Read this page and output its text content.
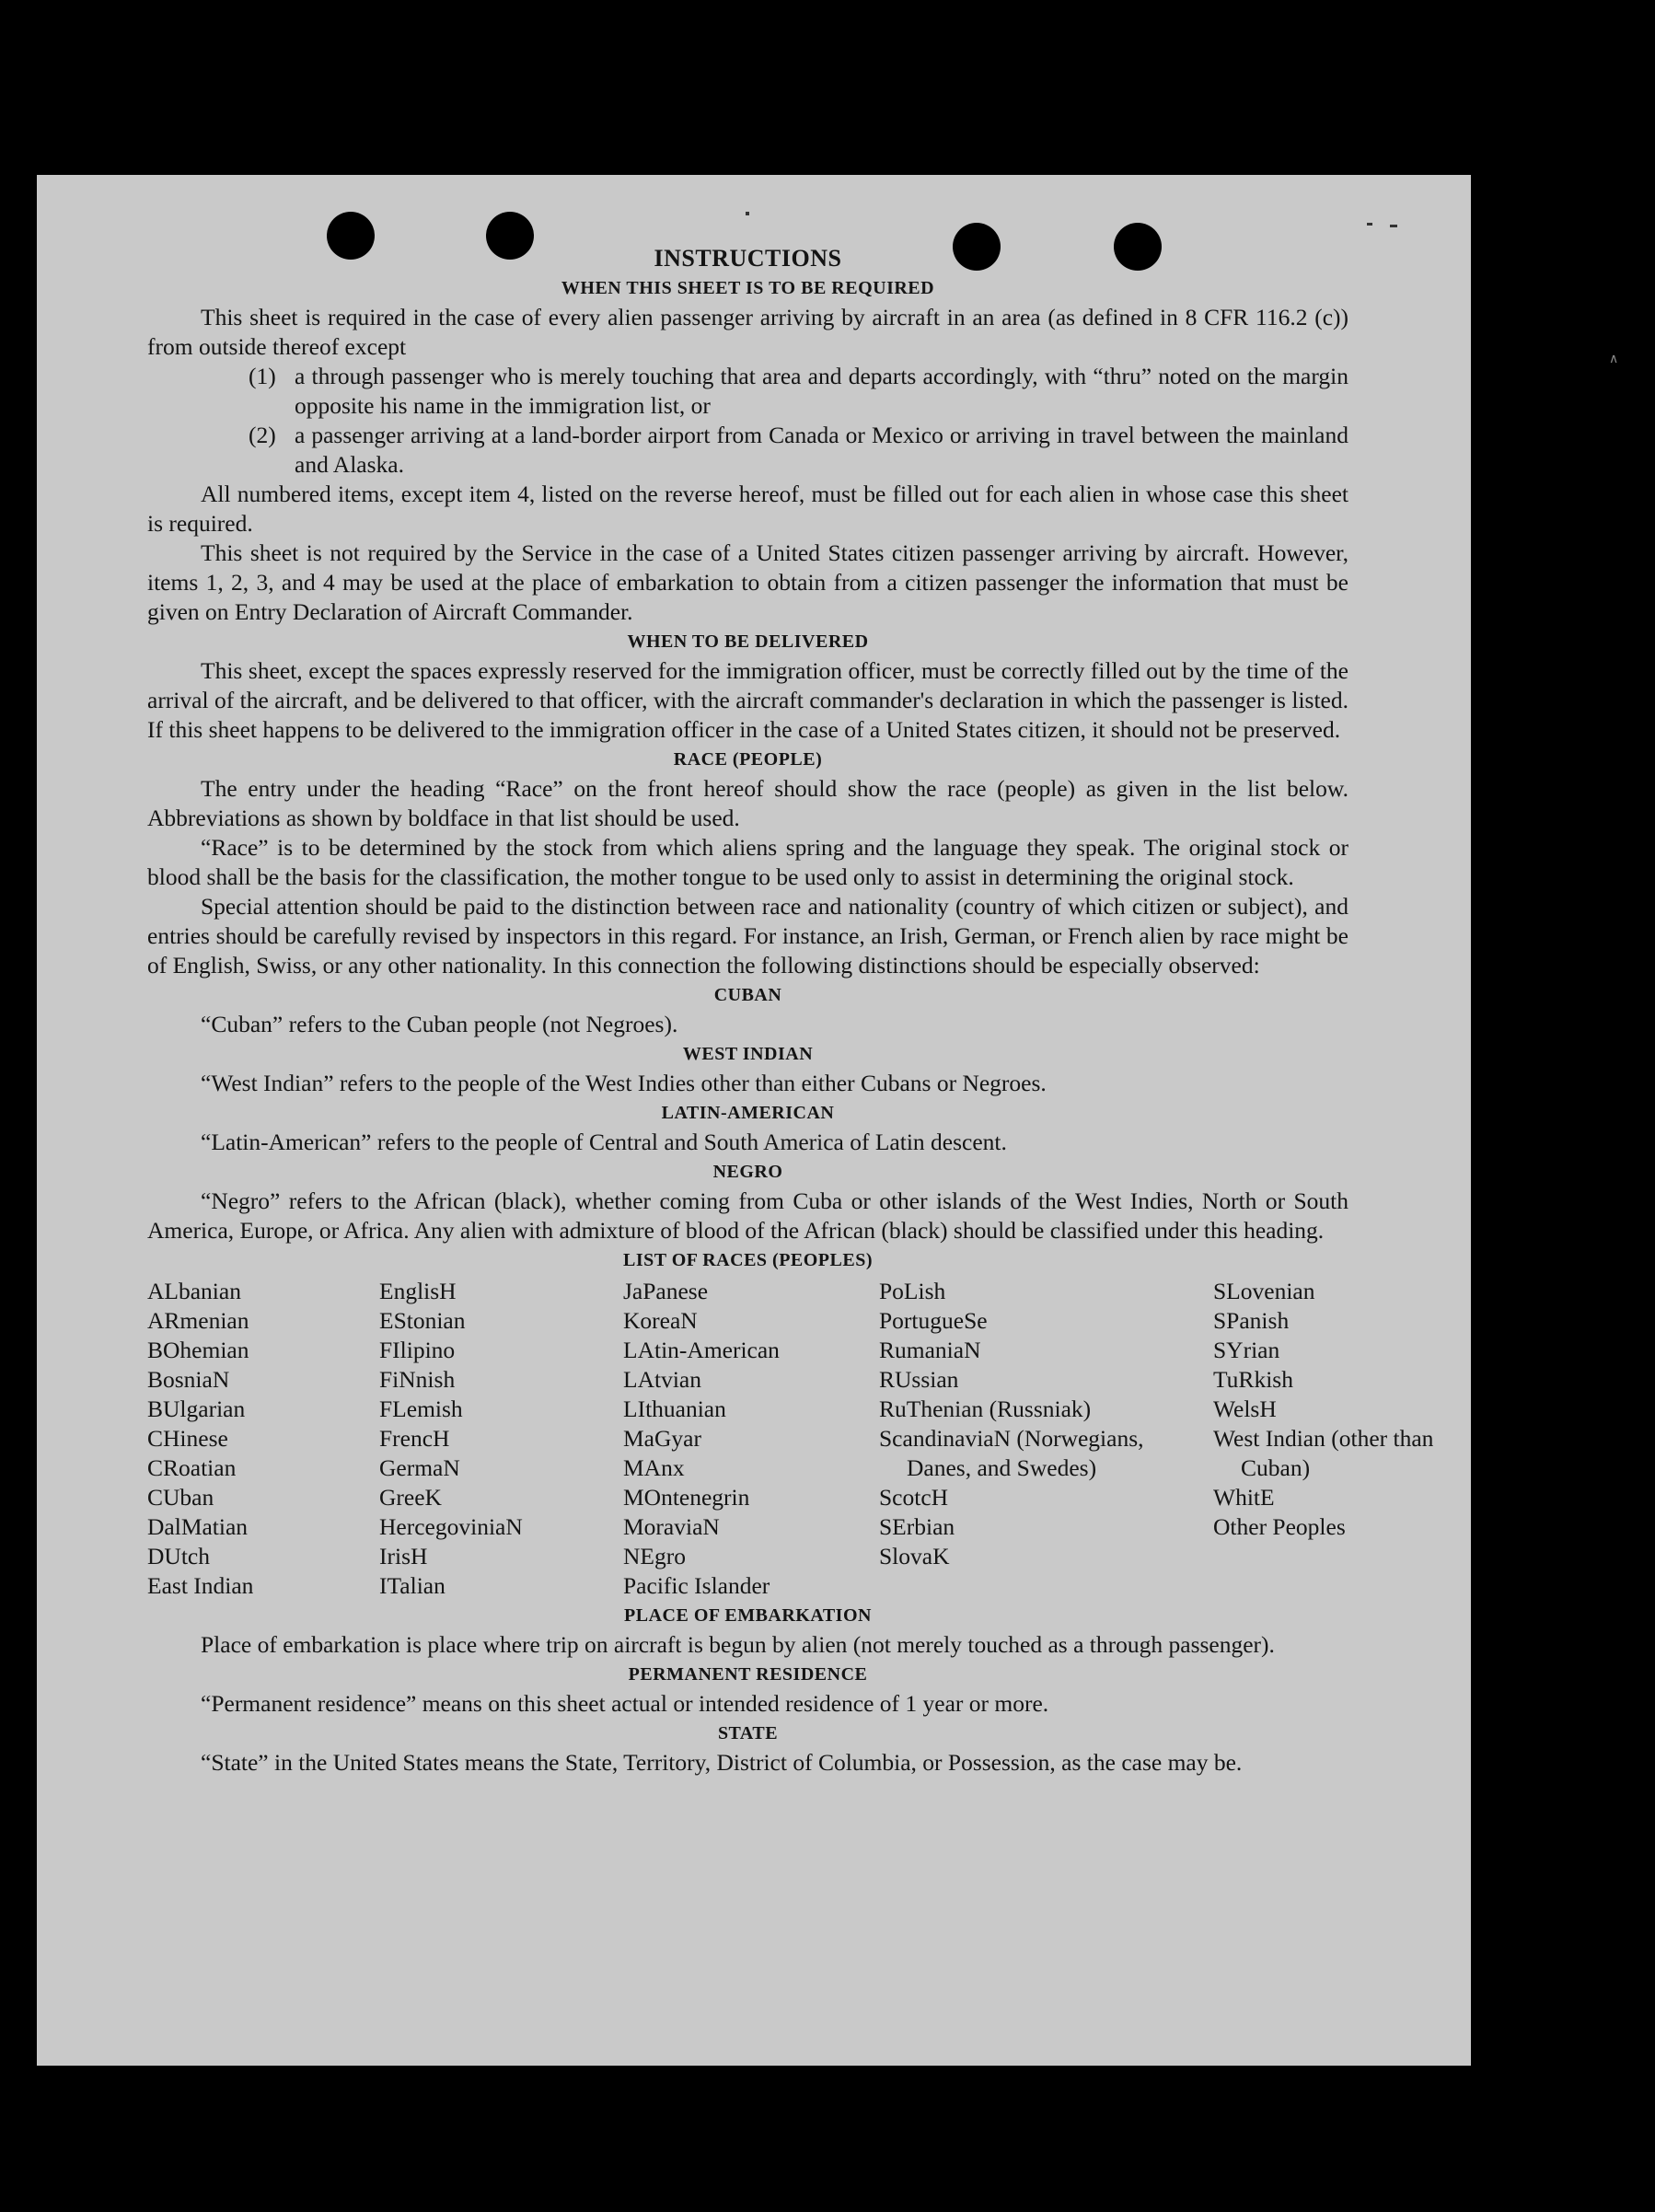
INSTRUCTIONS
WHEN THIS SHEET IS TO BE REQUIRED

This sheet is required in the case of every alien passenger arriving by aircraft in an area (as defined in 8 CFR 116.2 (c)) from outside thereof except

(1) a through passenger who is merely touching that area and departs accordingly, with “thru” noted on the margin opposite his name in the immigration list, or
(2) a passenger arriving at a land-border airport from Canada or Mexico or arriving in travel between the mainland and Alaska.

All numbered items, except item 4, listed on the reverse hereof, must be filled out for each alien in whose case this sheet is required.

This sheet is not required by the Service in the case of a United States citizen passenger arriving by aircraft. However, items 1, 2, 3, and 4 may be used at the place of embarkation to obtain from a citizen passenger the information that must be given on Entry Declaration of Aircraft Commander.

WHEN TO BE DELIVERED

This sheet, except the spaces expressly reserved for the immigration officer, must be correctly filled out by the time of the arrival of the aircraft, and be delivered to that officer, with the aircraft commander's declaration in which the passenger is listed. If this sheet happens to be delivered to the immigration officer in the case of a United States citizen, it should not be preserved.

RACE (PEOPLE)

The entry under the heading “Race” on the front hereof should show the race (people) as given in the list below. Abbreviations as shown by boldface in that list should be used.

“Race” is to be determined by the stock from which aliens spring and the language they speak. The original stock or blood shall be the basis for the classification, the mother tongue to be used only to assist in determining the original stock.

Special attention should be paid to the distinction between race and nationality (country of which citizen or subject), and entries should be carefully revised by inspectors in this regard. For instance, an Irish, German, or French alien by race might be of English, Swiss, or any other nationality. In this connection the following distinctions should be especially observed:

CUBAN

“Cuban” refers to the Cuban people (not Negroes).

WEST INDIAN

“West Indian” refers to the people of the West Indies other than either Cubans or Negroes.

LATIN-AMERICAN

“Latin-American” refers to the people of Central and South America of Latin descent.

NEGRO

“Negro” refers to the African (black), whether coming from Cuba or other islands of the West Indies, North or South America, Europe, or Africa. Any alien with admixture of blood of the African (black) should be classified under this heading.

LIST OF RACES (PEOPLES)
ALbanian
ARmenian
BOhemian
BosniaN
BUlgarian
CHinese
CRoatian
CUban
DalMatian
DUtch
East Indian
EnglisH
EStonian
FIlipino
FiNnish
FLemish
FrencH
GermaN
GreeK
HercegoviniaN
IrisH
ITalian
JaPanese
KoreaN
LAtin-American
LAtvian
LIthuanian
MaGyar
MAnx
MOntenegrin
MoraviaN
NEgro
Pacific Islander
PoLish
PortugueSe
RumaniaN
RUssian
RuThenian (Russniak)
ScandinaviaN (Norwegians, Danes, and Swedes)
ScotcH
SErbian
SlovaK
SLovenian
SPanish
SYrian
TuRkish
WelsH
West Indian (other than Cuban)
WhitE
Other Peoples
PLACE OF EMBARKATION

Place of embarkation is place where trip on aircraft is begun by alien (not merely touched as a through passenger).

PERMANENT RESIDENCE

“Permanent residence” means on this sheet actual or intended residence of 1 year or more.

STATE

“State” in the United States means the State, Territory, District of Columbia, or Possession, as the case may be.

∧
